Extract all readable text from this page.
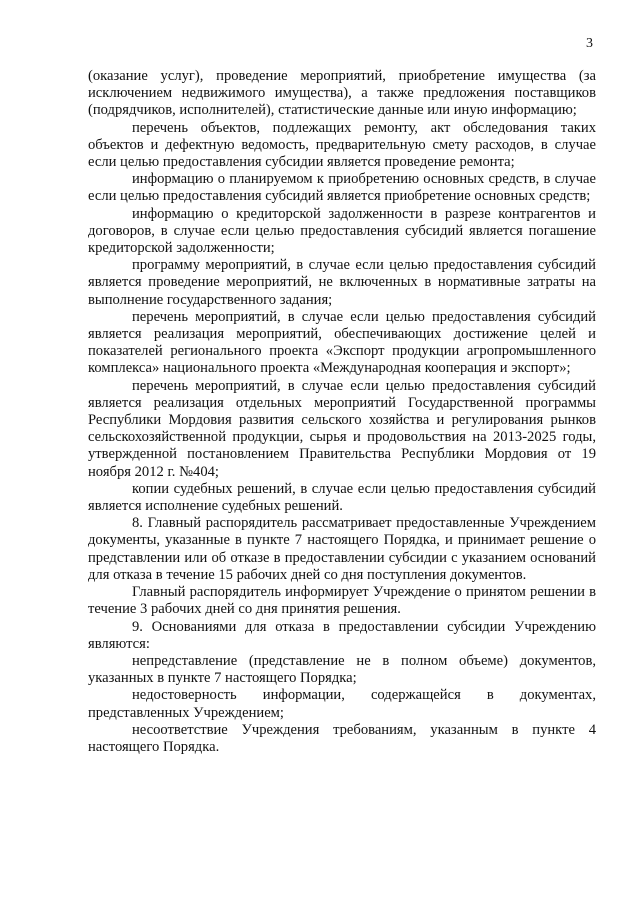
3

(оказание услуг), проведение мероприятий, приобретение имущества (за исключением недвижимого имущества), а также предложения поставщиков (подрядчиков, исполнителей), статистические данные или иную информацию;

перечень объектов, подлежащих ремонту, акт обследования таких объектов и дефектную ведомость, предварительную смету расходов, в случае если целью предоставления субсидии является проведение ремонта;

информацию о планируемом к приобретению основных средств, в случае если целью предоставления субсидий является приобретение основных средств;

информацию о кредиторской задолженности в разрезе контрагентов и договоров, в случае если целью предоставления субсидий является погашение кредиторской задолженности;

программу мероприятий, в случае если целью предоставления субсидий является проведение мероприятий, не включенных в нормативные затраты на выполнение государственного задания;

перечень мероприятий, в случае если целью предоставления субсидий является реализация мероприятий, обеспечивающих достижение целей и показателей регионального проекта «Экспорт продукции агропромышленного комплекса» национального проекта «Международная кооперация и экспорт»;

перечень мероприятий, в случае если целью предоставления субсидий является реализация отдельных мероприятий Государственной программы Республики Мордовия развития сельского хозяйства и регулирования рынков сельскохозяйственной продукции, сырья и продовольствия на 2013-2025 годы, утвержденной постановлением Правительства Республики Мордовия от 19 ноября 2012 г. №404;

копии судебных решений, в случае если целью предоставления субсидий является исполнение судебных решений.

8. Главный распорядитель рассматривает предоставленные Учреждением документы, указанные в пункте 7 настоящего Порядка, и принимает решение о представлении или об отказе в предоставлении субсидии с указанием оснований для отказа в течение 15 рабочих дней со дня поступления документов.

Главный распорядитель информирует Учреждение о принятом решении в течение 3 рабочих дней со дня принятия решения.

9. Основаниями для отказа в предоставлении субсидии Учреждению являются:

непредставление (представление не в полном объеме) документов, указанных в пункте 7 настоящего Порядка;

недостоверность информации, содержащейся в документах, представленных Учреждением;

несоответствие Учреждения требованиям, указанным в пункте 4 настоящего Порядка.
